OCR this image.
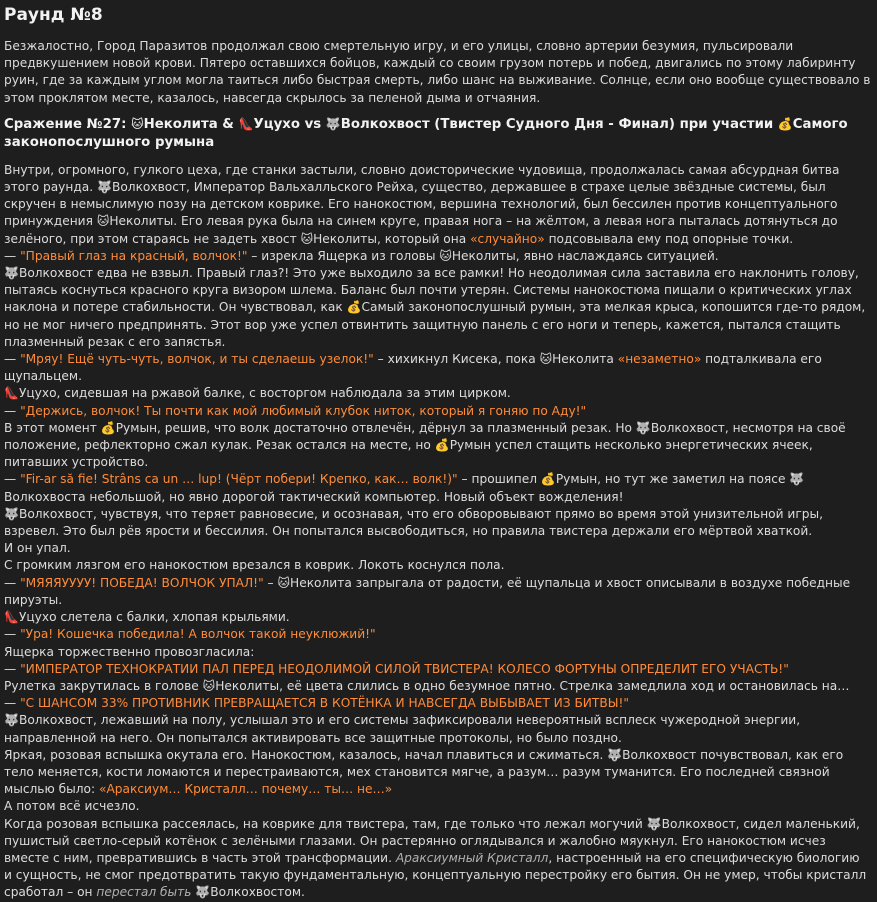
Раунд №8
Безжалостно, Город Паразитов продолжал свою смертельную игру, и его улицы, словно артерии безумия, пульсировали предвкушением новой крови. Пятеро оставшихся бойцов, каждый со своим грузом потерь и побед, двигались по этому лабиринту руин, где за каждым углом могла таиться либо быстрая смерть, либо шанс на выживание. Солнце, если оно вообще существовало в этом проклятом месте, казалось, навсегда скрылось за пеленой дыма и отчаяния.
Сражение №27: 🐱Неколита & 👠Уцухо vs 🐺Волкохвост (Твистер Судного Дня - Финал) при участии 💰Самого законопослушного румына
Внутри, огромного, гулкого цеха, где станки застыли, словно доисторические чудовища, продолжалась самая абсурдная битва этого раунда. 🐺Волкохвост, Император Вальхалльского Рейха, существо, державшее в страхе целые звёздные системы, был скручен в немыслимую позу на детском коврике. Его нанокостюм, вершина технологий, был бессилен против концептуального принуждения 🐱Неколиты. Его левая рука была на синем круге, правая нога – на жёлтом, а левая нога пыталась дотянуться до зелёного, при этом стараясь не задеть хвост 🐱Неколиты, который она «случайно» подсовывала ему под опорные точки.
— "Правый глаз на красный, волчок!" – изрекла Ящерка из головы 🐱Неколиты, явно наслаждаясь ситуацией.
🐺Волкохвост едва не взвыл. Правый глаз?! Это уже выходило за все рамки! Но неодолимая сила заставила его наклонить голову, пытаясь коснуться красного круга визором шлема. Баланс был почти утерян. Системы нанокостюма пищали о критических углах наклона и потере стабильности. Он чувствовал, как 💰Самый законопослушный румын, эта мелкая крыса, копошится где-то рядом, но не мог ничего предпринять. Этот вор уже успел отвинтить защитную панель с его ноги и теперь, кажется, пытался стащить плазменный резак с его запястья.
— "Мряу! Ещё чуть-чуть, волчок, и ты сделаешь узелок!" – хихикнул Кисека, пока 🐱Неколита «незаметно» подталкивала его щупальцем.
👠Уцухо, сидевшая на ржавой балке, с восторгом наблюдала за этим цирком.
— "Держись, волчок! Ты почти как мой любимый клубок ниток, который я гоняю по Аду!"
В этот момент 💰Румын, решив, что волк достаточно отвлечён, дёрнул за плазменный резак. Но 🐺Волкохвост, несмотря на своё положение, рефлекторно сжал кулак. Резак остался на месте, но 💰Румын успел стащить несколько энергетических ячеек, питавших устройство.
— "Fir-ar să fie! Strâns ca un … lup! (Чёрт побери! Крепко, как… волк!)" – прошипел 💰Румын, но тут же заметил на поясе 🐺Волкохвоста небольшой, но явно дорогой тактический компьютер. Новый объект вожделения!
🐺Волкохвост, чувствуя, что теряет равновесие, и осознавая, что его обворовывают прямо во время этой унизительной игры, взревел. Это был рёв ярости и бессилия. Он попытался высвободиться, но правила твистера держали его мёртвой хваткой.
И он упал.
С громким лязгом его нанокостюм врезался в коврик. Локоть коснулся пола.
— "МЯЯЯУУУУ! ПОБЕДА! ВОЛЧОК УПАЛ!" – 🐱Неколита запрыгала от радости, её щупальца и хвост описывали в воздухе победные пируэты.
👠Уцухо слетела с балки, хлопая крыльями.
— "Ура! Кошечка победила! А волчок такой неуклюжий!"
Ящерка торжественно провозгласила:
— "ИМПЕРАТОР ТЕХНОКРАТИИ ПАЛ ПЕРЕД НЕОДОЛИМОЙ СИЛОЙ ТВИСТЕРА! КОЛЕСО ФОРТУНЫ ОПРЕДЕЛИТ ЕГО УЧАСТЬ!"
Рулетка закрутилась в голове 🐱Неколиты, её цвета слились в одно безумное пятно. Стрелка замедлила ход и остановилась на…
— "С ШАНСОМ 33% ПРОТИВНИК ПРЕВРАЩАЕТСЯ В КОТЁНКА И НАВСЕГДА ВЫБЫВАЕТ ИЗ БИТВЫ!"
🐺Волкохвост, лежавший на полу, услышал это и его системы зафиксировали невероятный всплеск чужеродной энергии, направленной на него. Он попытался активировать все защитные протоколы, но было поздно.
Яркая, розовая вспышка окутала его. Нанокостюм, казалось, начал плавиться и сжиматься. 🐺Волкохвост почувствовал, как его тело меняется, кости ломаются и перестраиваются, мех становится мягче, а разум… разум туманится. Его последней связной мыслью было: «Араксиум… Кристалл… почему… ты… не…»
А потом всё исчезло.
Когда розовая вспышка рассеялась, на коврике для твистера, там, где только что лежал могучий 🐺Волкохвост, сидел маленький, пушистый светло-серый котёнок с зелёными глазами. Он растерянно оглядывался и жалобно мяукнул. Его нанокостюм исчез вместе с ним, превратившись в часть этой трансформации. Араксиумный Кристалл, настроенный на его специфическую биологию и сущность, не смог предотвратить такую фундаментальную, концептуальную перестройку его бытия. Он не умер, чтобы кристалл сработал – он перестал быть 🐺Волкохвостом.
